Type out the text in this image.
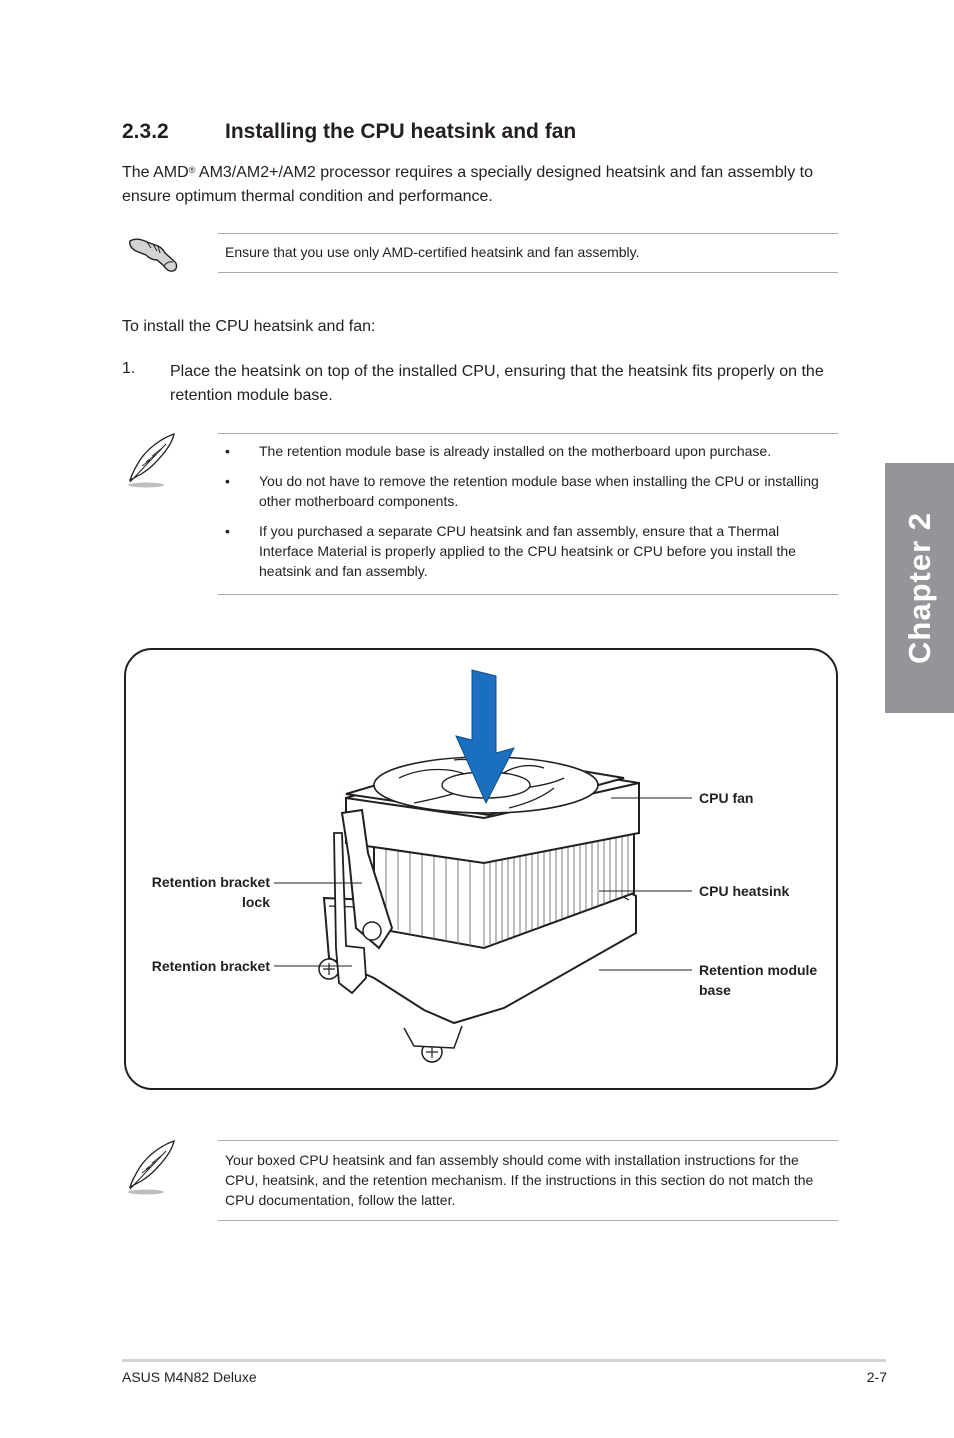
2.3.2	Installing the CPU heatsink and fan
The AMD® AM3/AM2+/AM2 processor requires a specially designed heatsink and fan assembly to ensure optimum thermal condition and performance.
Ensure that you use only AMD-certified heatsink and fan assembly.
To install the CPU heatsink and fan:
1. Place the heatsink on top of the installed CPU, ensuring that the heatsink fits properly on the retention module base.
• The retention module base is already installed on the motherboard upon purchase.
• You do not have to remove the retention module base when installing the CPU or installing other motherboard components.
• If you purchased a separate CPU heatsink and fan assembly, ensure that a Thermal Interface Material is properly applied to the CPU heatsink or CPU before you install the heatsink and fan assembly.	Chapter 2
CPU fan
CPU heatsink
Retention module
base
Retention bracket
lock
Retention bracket
Your boxed CPU heatsink and fan assembly should come with installation instructions for the CPU, heatsink, and the retention mechanism. If the instructions in this section do not match the CPU documentation, follow the latter.
ASUS M4N82 Deluxe	2-7
